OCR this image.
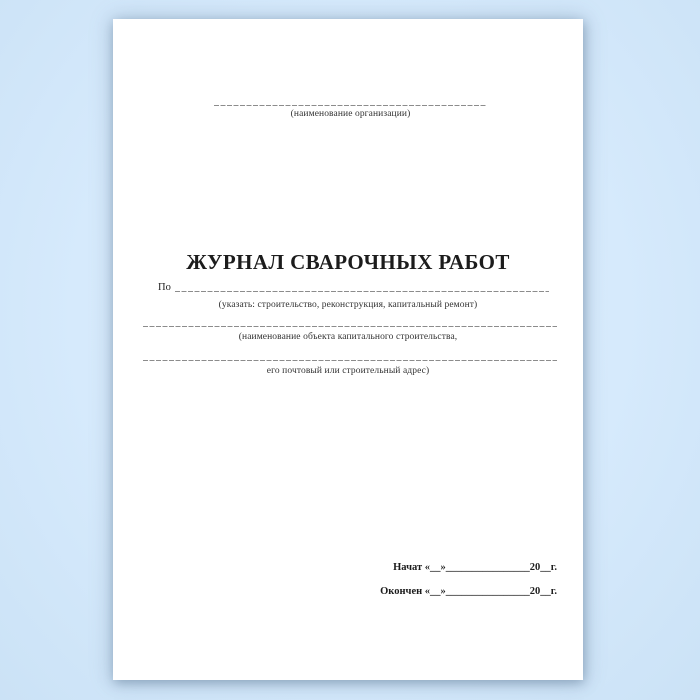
(наименование организации)
ЖУРНАЛ СВАРОЧНЫХ РАБОТ
По
(указать: строительство, реконструкция, капитальный ремонт)
(наименование объекта капитального строительства,
его почтовый или строительный адрес)
Начат «__»________________20__г.
Окончен «__»________________20__г.
